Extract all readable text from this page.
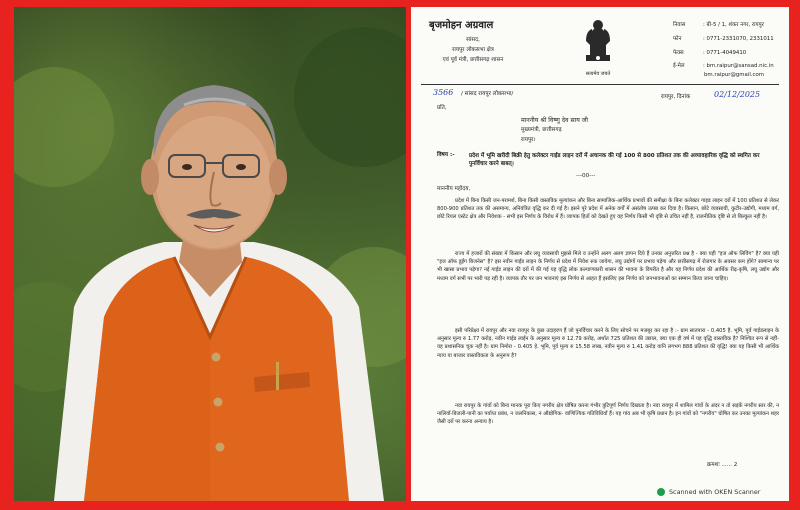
बृजमोहन अग्रवाल
सांसद,
रायपुर लोकसभा क्षेत्र
एवं पूर्व मंत्री, छत्तीसगढ़ शासन
सत्यमेव जयते
निवास	: बी-5 / 1, शंकर नगर, रायपुर
फोन	: 0771-2331070, 2331011
फेक्स	: 0771-4049410
ई-मेल	: bm.raipur@sansad.nic.in
bm.raipur@gmail.com
3566 / सांसद रायपुर लोकसभा/	रायपुर, दिनांक	02/12/2025
प्रति,
माननीय श्री विष्णु देव साय जी
मुख्यमंत्री, छत्तीसगढ़
रायपुर।
विषय :-	प्रदेश में भूमि खरीदी बिक्री हेतु कलेक्टर गाईड लाइन दरों में अचानक की गई 100 से 800 प्रतिशत तक की अव्यावहारिक वृद्धि को स्थगित कर पुनर्विचार करने बाबत्।
---00---
माननीय महोदय,
प्रदेश में बिना किसी जन-परामर्श, बिना किसी वास्तविक मूल्यांकन और बिना सामाजिक-आर्थिक प्रभावों की समीक्षा के बिना कलेक्टर गाइड लाइन दरों में 100 प्रतिशत से लेकर 800-900 प्रतिशत तक की असमान्य, अनियंत्रित वृद्धि कर दी गई है। इसने पूरे प्रदेश में अनेक वर्गों में असंतोष उत्पन्न कर दिया है। किसान, छोटे व्यवसायी, कुटीर-उद्योगी, मध्यम वर्ग, छोटे रियल एस्टेट क्षेत्र और निवेशक - सभी इस निर्णय के विरोध में हैं। व्यापक हितों को देखते हुए यह निर्णय किसी भी दृष्टि से उचित नहीं है, राजनीतिक दृष्टि से तो बिल्कुल नहीं है।
राज्य में हजारों की संख्या में किसान और लघु व्यवसायी मुझसे मिले व उन्होंने अलग अलग ज्ञापन दिये हैं उनका अनुत्तरित प्रश्न है - क्या यही "इज ऑफ लिविंग" है? क्या यही "इज ऑफ डूईंग बिजनेस" है? इस नवीन गाईड लाइन के निर्णय से प्रदेश में निवेश रुक जायेगा, लघु उद्योगों पर प्रभाव पड़ेगा और छत्तीसगढ़ में रोजगार के अवसर कम होंगे? सामान्य पर भी खासा प्रभाव पड़ेगा? नई गाईड लाइन की दरों में की गई यह वृद्धि लोक कल्याणकारी शासन की भावना के विपरीत है और यह निर्णय प्रदेश की आर्थिक रीढ़-कृषि, लघु उद्योग और मध्यम वर्ग सभी पर भारी पड़ रही है। व्यापक तौर पर जन भावनाएं इस निर्णय से आहत हैं इसलिए इस निर्णय को जनभावनाओं का सम्मान किया जाना चाहिए।
इसी परिप्रेक्ष्य में रायपुर और नवा रायपुर के कुछ उदाहरण हैं जो पुनर्विचार करने के लिए सोचने पर मजबूर कर रहा है :- ग्राम सातपारा - 0.405 है. भूमि, पूर्व गाईडलाइन के अनुसार मूल्य रु 1.77 करोड़, नवीन गाईड लाईन के अनुसार मूल्य रु 12.79 करोड़, अर्थात 725 प्रतिशत की उछाल, क्या एक ही वर्ष में यह वृद्धि वास्तविक है? निश्चित रूप से नहीं-यह प्रशासनिक चूक नहीं है। ग्राम निमोरा - 0.405 हे. भूमि, पूर्व मूल्य रु 15.58 लाख, नवीन मूल्य रु 1.41 करोड़ यानि लगभग 888 प्रतिशत की वृद्धि! क्या यह किसी भी आर्थिक न्याय या बाजार वास्तविकता के अनुरूप है?
नवा रायपुर के गांवों को बिना मानक पूरा किए नगरीय क्षेत्र घोषित करना गंभीर त्रुटिपूर्ण निर्णय दिखाता है। नवा रायपुर में शामिल गांवों के अंदर न तो सड़कें नगरीय स्तर की, न नालियाँ-बिजली-पानी का पर्याप्त प्रबंध, न जलनिकास, न औद्योगिक- वाणिज्यिक गतिविधियाँ हैं। यह गांव अब भी कृषि प्रधान है। इन गांवों को "नगरीय" घोषित कर उनका मूल्यांकन शहर जैसी दरों पर करना अन्याय है।
क्रमशः ...... 2
Scanned with OKEN Scanner
